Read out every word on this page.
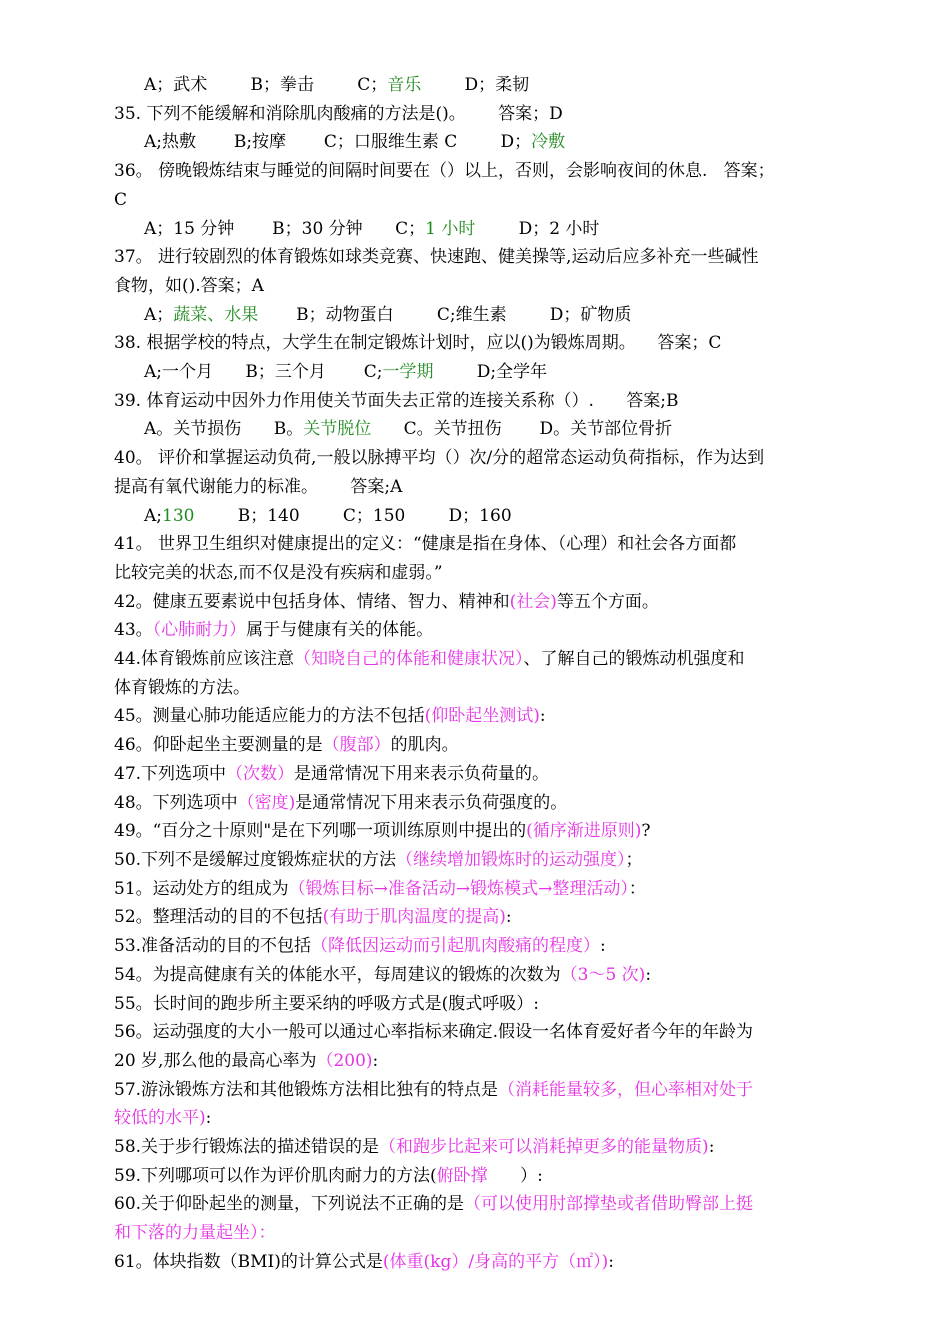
A；武术        B；拳击        C；音乐        D；柔韧
35. 下列不能缓解和消除肌肉酸痛的方法是()。      答案；D
A;热敷       B;按摩       C；口服维生素 C        D；冷敷
36。 傍晚锻炼结束与睡觉的间隔时间要在（）以上，否则，会影响夜间的休息.   答案；
C
A；15 分钟       B；30 分钟      C；1 小时        D；2 小时
37。 进行较剧烈的体育锻炼如球类竞赛、快速跑、健美操等,运动后应多补充一些碱性
食物，如().答案；A
A；蔬菜、水果       B；动物蛋白        C;维生素        D；矿物质
38. 根据学校的特点，大学生在制定锻炼计划时，应以()为锻炼周期。    答案；C
A;一个月      B；三个月       C;一学期        D;全学年
39. 体育运动中因外力作用使关节面失去正常的连接关系称（）.      答案;B
A。关节损伤      B。关节脱位      C。关节扭伤       D。关节部位骨折
40。 评价和掌握运动负荷,一般以脉搏平均（）次/分的超常态运动负荷指标，作为达到
提高有氧代谢能力的标准。      答案;A
A;130        B；140        C；150        D；160
41。 世界卫生组织对健康提出的定义：“健康是指在身体、（心理）和社会各方面都
比较完美的状态,而不仅是没有疾病和虚弱。”
42。健康五要素说中包括身体、情绪、智力、精神和(社会)等五个方面。
43。（心肺耐力）属于与健康有关的体能。
44.体育锻炼前应该注意（知晓自己的体能和健康状况）、了解自己的锻炼动机强度和
体育锻炼的方法。
45。测量心肺功能适应能力的方法不包括(仰卧起坐测试):
46。仰卧起坐主要测量的是（腹部）的肌肉。
47.下列选项中（次数）是通常情况下用来表示负荷量的。
48。下列选项中（密度)是通常情况下用来表示负荷强度的。
49。“百分之十原则"是在下列哪一项训练原则中提出的(循序渐进原则)?
50.下列不是缓解过度锻炼症状的方法（继续增加锻炼时的运动强度）；
51。运动处方的组成为（锻炼目标→准备活动→锻炼模式→整理活动）：
52。整理活动的目的不包括(有助于肌肉温度的提高):
53.准备活动的目的不包括（降低因运动而引起肌肉酸痛的程度）:
54。为提高健康有关的体能水平，每周建议的锻炼的次数为（3～5 次):
55。长时间的跑步所主要采纳的呼吸方式是(腹式呼吸）:
56。运动强度的大小一般可以通过心率指标来确定.假设一名体育爱好者今年的年龄为
20 岁,那么他的最高心率为（200):
57.游泳锻炼方法和其他锻炼方法相比独有的特点是（消耗能量较多，但心率相对处于
较低的水平):
58.关于步行锻炼法的描述错误的是（和跑步比起来可以消耗掉更多的能量物质):
59.下列哪项可以作为评价肌肉耐力的方法(俯卧撑      ）:
60.关于仰卧起坐的测量，下列说法不正确的是（可以使用肘部撑垫或者借助臀部上挺
和下落的力量起坐）：
61。体块指数（BMI)的计算公式是(体重(kg）/身高的平方（㎡）):
